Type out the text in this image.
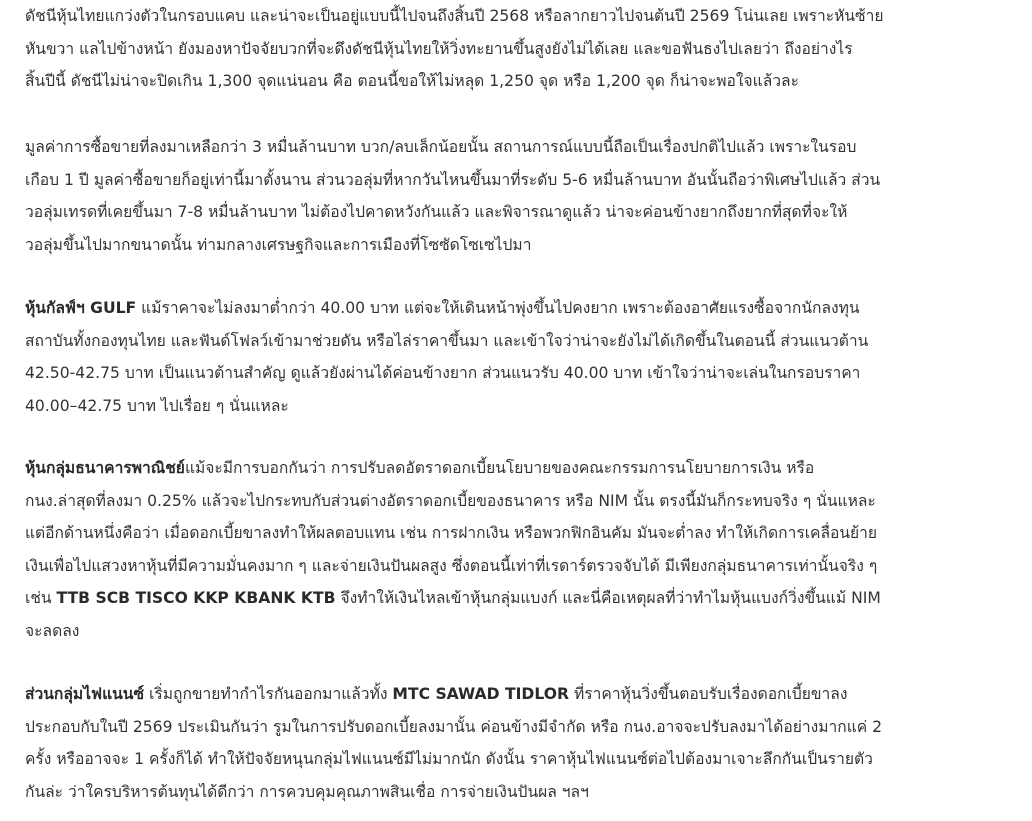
ดัชนีหุ้นไทยแกว่งตัวในกรอบแคบ และน่าจะเป็นอยู่แบบนี้ไปจนถึงสิ้นปี 2568 หรือลากยาวไปจนต้นปี 2569 โน่นเลย เพราะหันซ้าย
หันขวา แลไปข้างหน้า ยังมองหาปัจจัยบวกที่จะดึงดัชนีหุ้นไทยให้วิ่งทะยานขึ้นสูงยังไม่ได้เลย และขอฟันธงไปเลยว่า ถึงอย่างไร
สิ้นปีนี้ ดัชนีไม่น่าจะปิดเกิน 1,300 จุดแน่นอน คือ ตอนนี้ขอให้ไม่หลุด 1,250 จุด หรือ 1,200 จุด ก็น่าจะพอใจแล้วละ

มูลค่าการซื้อขายที่ลงมาเหลือกว่า 3 หมื่นล้านบาท บวก/ลบเล็กน้อยนั้น สถานการณ์แบบนี้ถือเป็นเรื่องปกติไปแล้ว เพราะในรอบ
เกือบ 1 ปี มูลค่าซื้อขายก็อยู่เท่านี้มาตั้งนาน ส่วนวอลุ่มที่หากวันไหนขึ้นมาที่ระดับ 5-6 หมื่นล้านบาท อันนั้นถือว่าพิเศษไปแล้ว ส่วน
วอลุ่มเทรดที่เคยขึ้นมา 7-8 หมื่นล้านบาท ไม่ต้องไปคาดหวังกันแล้ว และพิจารณาดูแล้ว น่าจะค่อนข้างยากถึงยากที่สุดที่จะให้
วอลุ่มขึ้นไปมากขนาดนั้น ท่ามกลางเศรษฐกิจและการเมืองที่โซซัดโซเซไปมา

หุ้นกัลฟ์ฯ GULF แม้ราคาจะไม่ลงมาต่ำกว่า 40.00 บาท แต่จะให้เดินหน้าพุ่งขึ้นไปคงยาก เพราะต้องอาศัยแรงซื้อจากนักลงทุน
สถาบันทั้งกองทุนไทย และฟันด์โฟลว์เข้ามาช่วยดัน หรือไล่ราคาขึ้นมา และเข้าใจว่าน่าจะยังไม่ได้เกิดขึ้นในตอนนี้ ส่วนแนวต้าน
42.50-42.75 บาท เป็นแนวต้านสำคัญ ดูแล้วยังผ่านได้ค่อนข้างยาก ส่วนแนวรับ 40.00 บาท เข้าใจว่าน่าจะเล่นในกรอบราคา
40.00–42.75 บาท ไปเรื่อย ๆ นั่นแหละ

หุ้นกลุ่มธนาคารพาณิชย์แม้จะมีการบอกกันว่า การปรับลดอัตราดอกเบี้ยนโยบายของคณะกรรมการนโยบายการเงิน หรือ
กนง.ล่าสุดที่ลงมา 0.25% แล้วจะไปกระทบกับส่วนต่างอัตราดอกเบี้ยของธนาคาร หรือ NIM นั้น ตรงนี้มันก็กระทบจริง ๆ นั่นแหละ
แต่อีกด้านหนึ่งคือว่า เมื่อดอกเบี้ยขาลงทำให้ผลตอบแทน เช่น การฝากเงิน หรือพวกฟิกอินคัม มันจะต่ำลง ทำให้เกิดการเคลื่อนย้าย
เงินเพื่อไปแสวงหาหุ้นที่มีความมั่นคงมาก ๆ และจ่ายเงินปันผลสูง ซึ่งตอนนี้เท่าที่เรดาร์ตรวจจับได้ มีเพียงกลุ่มธนาคารเท่านั้นจริง ๆ
เช่น TTB SCB TISCO KKP KBANK KTB จึงทำให้เงินไหลเข้าหุ้นกลุ่มแบงก์ และนี่คือเหตุผลที่ว่าทำไมหุ้นแบงก์วิ่งขึ้นแม้ NIM
จะลดลง

ส่วนกลุ่มไฟแนนซ์ เริ่มถูกขายทำกำไรกันออกมาแล้วทั้ง MTC SAWAD TIDLOR ที่ราคาหุ้นวิ่งขึ้นตอบรับเรื่องดอกเบี้ยขาลง
ประกอบกับในปี 2569 ประเมินกันว่า รูมในการปรับดอกเบี้ยลงมานั้น ค่อนข้างมีจำกัด หรือ กนง.อาจจะปรับลงมาได้อย่างมากแค่ 2
ครั้ง หรืออาจจะ 1 ครั้งก็ได้ ทำให้ปัจจัยหนุนกลุ่มไฟแนนซ์มีไม่มากนัก ดังนั้น ราคาหุ้นไฟแนนซ์ต่อไปต้องมาเจาะลึกกันเป็นรายตัว
กันล่ะ ว่าใครบริหารต้นทุนได้ดีกว่า การควบคุมคุณภาพสินเชื่อ การจ่ายเงินปันผล ฯลฯ
